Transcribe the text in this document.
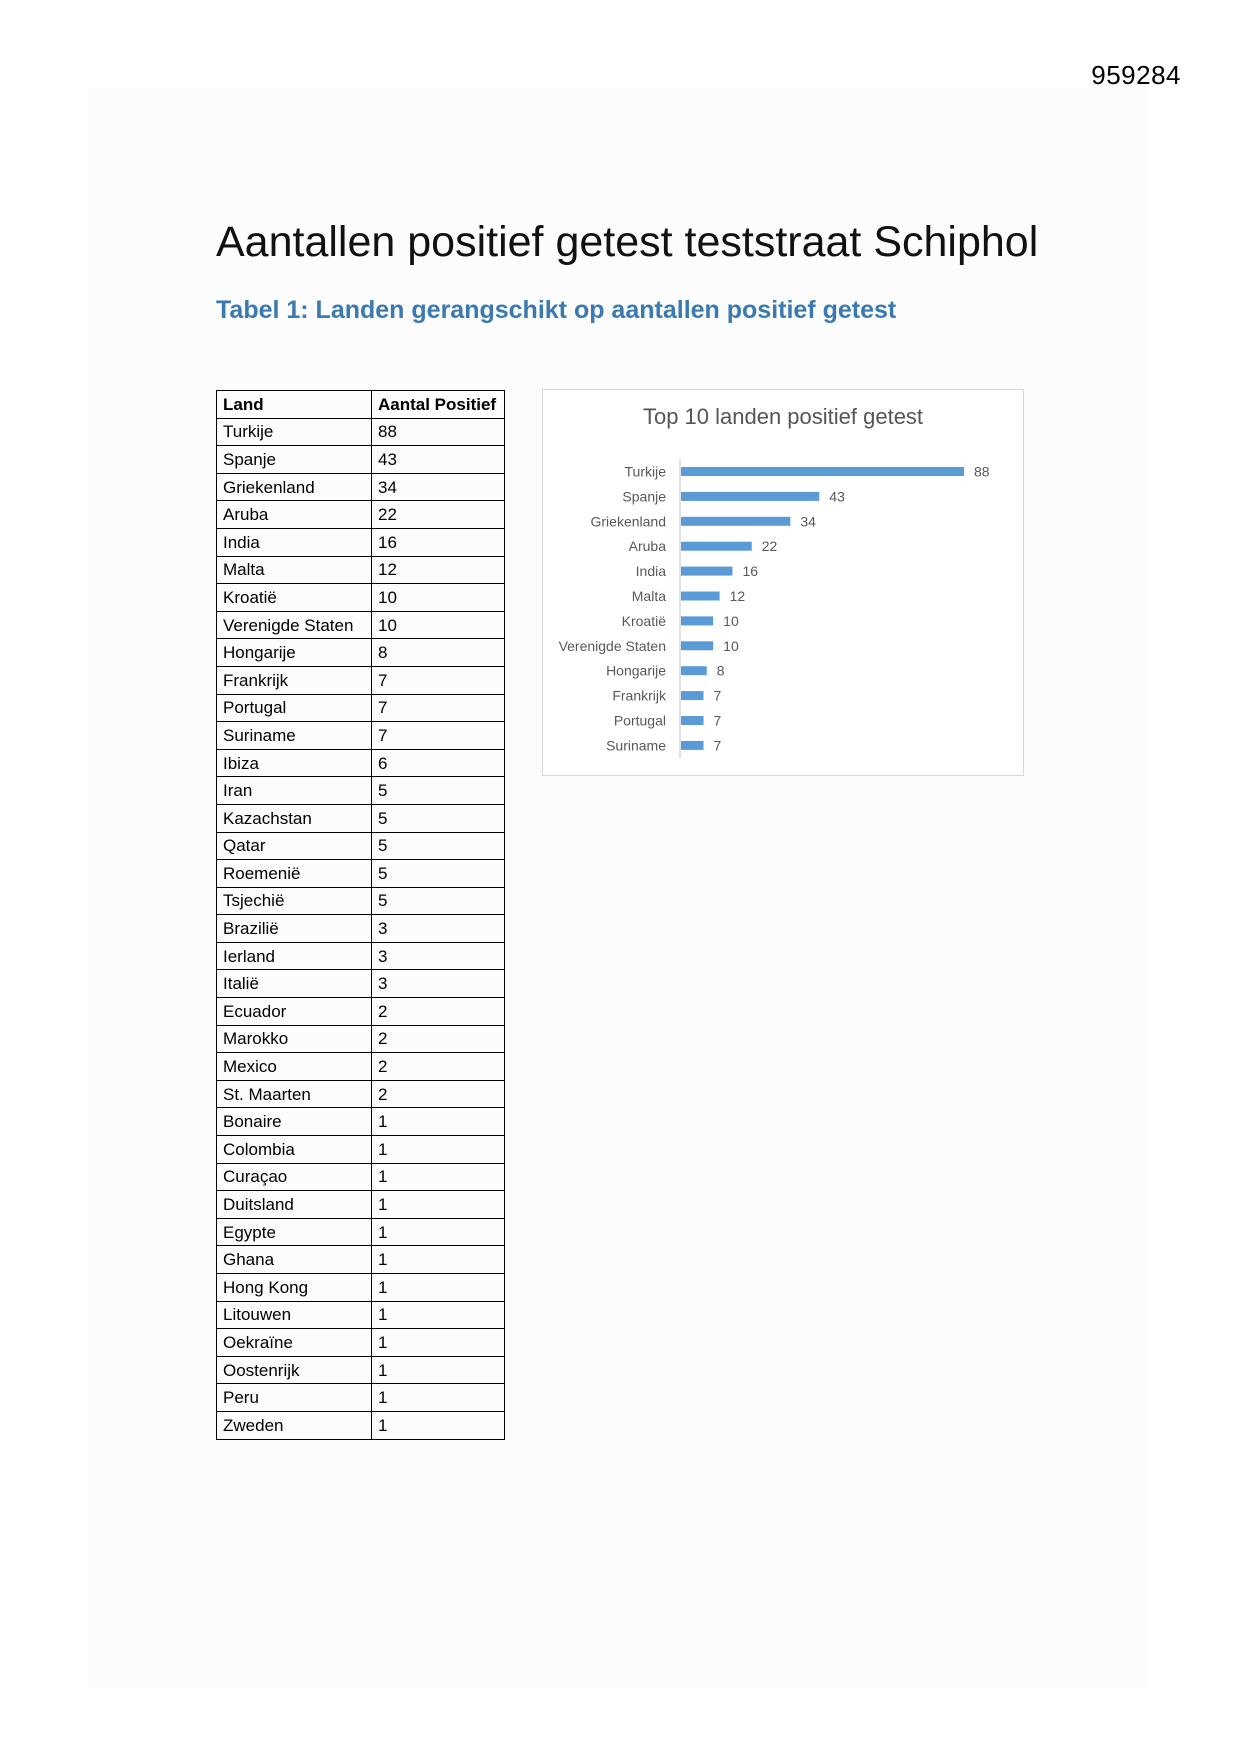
959284
Aantallen positief getest teststraat Schiphol
Tabel 1: Landen gerangschikt op aantallen positief getest
Land	Aantal Positief
Turkije	88
Spanje	43
Griekenland	34
Aruba	22
India	16
Malta	12
Kroatië	10
Verenigde Staten	10
Hongarije	8
Frankrijk	7
Portugal	7
Suriname	7
Ibiza	6
Iran	5
Kazachstan	5
Qatar	5
Roemenië	5
Tsjechië	5
Brazilië	3
Ierland	3
Italië	3
Ecuador	2
Marokko	2
Mexico	2
St. Maarten	2
Bonaire	1
Colombia	1
Curaçao	1
Duitsland	1
Egypte	1
Ghana	1
Hong Kong	1
Litouwen	1
Oekraïne	1
Oostenrijk	1
Peru	1
Zweden	1
Top 10 landen positief getest
Turkije	88
Spanje	43
Griekenland	34
Aruba	22
India	16
Malta	12
Kroatië	10
Verenigde Staten	10
Hongarije	8
Frankrijk	7
Portugal	7
Suriname	7
